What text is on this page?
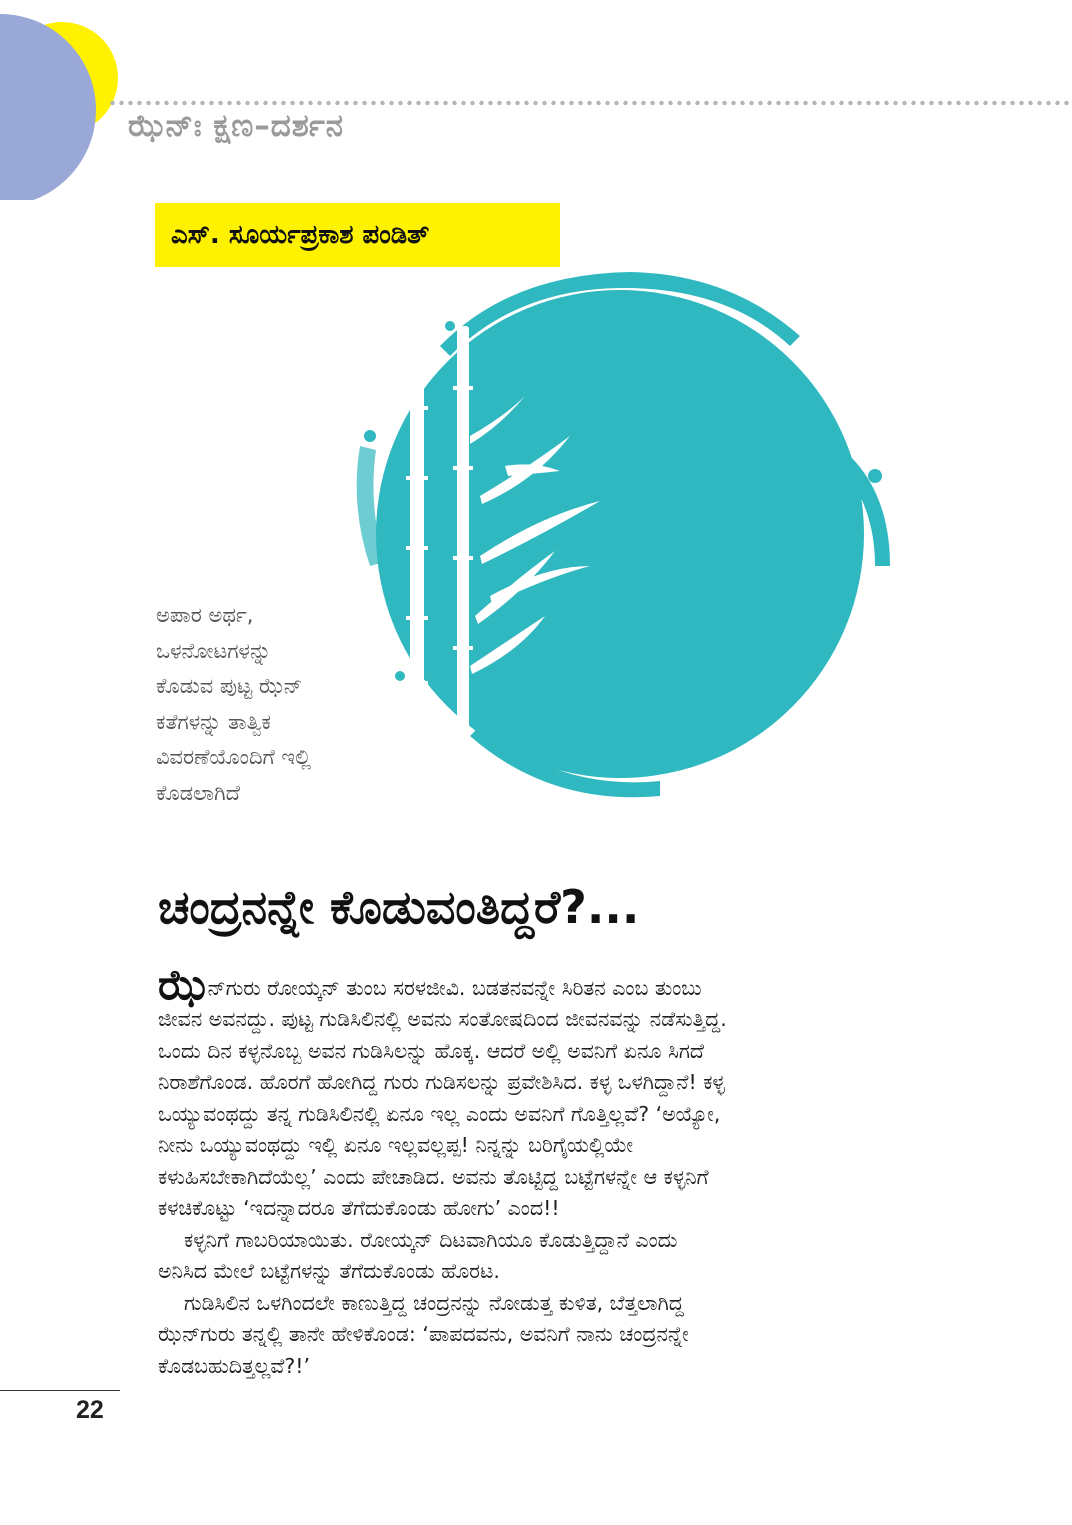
ಝೆನ್‌ಃ ಕ್ಷಣ–ದರ್ಶನ
ಎಸ್. ಸೂರ್ಯಪ್ರಕಾಶ ಪಂಡಿತ್
ಅಪಾರ ಅರ್ಥ,
ಒಳನೋಟಗಳನ್ನು
ಕೊಡುವ ಪುಟ್ಟ ಝೆನ್
ಕತೆಗಳನ್ನು ತಾತ್ವಿಕ
ವಿವರಣೆಯೊಂದಿಗೆ ಇಲ್ಲಿ
ಕೊಡಲಾಗಿದೆ
ಚಂದ್ರನನ್ನೇ ಕೊಡುವಂತಿದ್ದರೆ?...
ಝೆ ನ್‌ಗುರು ರೋಯ್ಕನ್ ತುಂಬ ಸರಳಜೀವಿ. ಬಡತನವನ್ನೇ ಸಿರಿತನ ಎಂಬ ತುಂಬು
ಜೀವನ ಅವನದ್ದು. ಪುಟ್ಟ ಗುಡಿಸಿಲಿನಲ್ಲಿ ಅವನು ಸಂತೋಷದಿಂದ ಜೀವನವನ್ನು ನಡೆಸುತ್ತಿದ್ದ.
ಒಂದು ದಿನ ಕಳ್ಳನೊಬ್ಬ ಅವನ ಗುಡಿಸಿಲನ್ನು ಹೊಕ್ಕ. ಆದರೆ ಅಲ್ಲಿ ಅವನಿಗೆ ಏನೂ ಸಿಗದೆ
ನಿರಾಶೆಗೊಂಡ. ಹೊರಗೆ ಹೋಗಿದ್ದ ಗುರು ಗುಡಿಸಲನ್ನು ಪ್ರವೇಶಿಸಿದ. ಕಳ್ಳ ಒಳಗಿದ್ದಾನೆ! ಕಳ್ಳ
ಒಯ್ಯುವಂಥದ್ದು ತನ್ನ ಗುಡಿಸಿಲಿನಲ್ಲಿ ಏನೂ ಇಲ್ಲ ಎಂದು ಅವನಿಗೆ ಗೊತ್ತಿಲ್ಲವೆ? ‘ಅಯ್ಯೋ,
ನೀನು ಒಯ್ಯುವಂಥದ್ದು ಇಲ್ಲಿ ಏನೂ ಇಲ್ಲವಲ್ಲಪ್ಪ! ನಿನ್ನನ್ನು ಬರಿಗೈಯಲ್ಲಿಯೇ
ಕಳುಹಿಸಬೇಕಾಗಿದೆಯೆಲ್ಲ’ ಎಂದು ಪೇಚಾಡಿದ. ಅವನು ತೊಟ್ಟಿದ್ದ ಬಟ್ಟೆಗಳನ್ನೇ ಆ ಕಳ್ಳನಿಗೆ
ಕಳಚಿಕೊಟ್ಟು ‘ಇದನ್ನಾದರೂ ತೆಗೆದುಕೊಂಡು ಹೋಗು’ ಎಂದ!!
ಕಳ್ಳನಿಗೆ ಗಾಬರಿಯಾಯಿತು. ರೋಯ್ಕನ್ ದಿಟವಾಗಿಯೂ ಕೊಡುತ್ತಿದ್ದಾನೆ ಎಂದು
ಅನಿಸಿದ ಮೇಲೆ ಬಟ್ಟೆಗಳನ್ನು ತೆಗೆದುಕೊಂಡು ಹೊರಟ.
ಗುಡಿಸಿಲಿನ ಒಳಗಿಂದಲೇ ಕಾಣುತ್ತಿದ್ದ ಚಂದ್ರನನ್ನು ನೋಡುತ್ತ ಕುಳಿತ, ಬೆತ್ತಲಾಗಿದ್ದ
ಝೆನ್‌ಗುರು ತನ್ನಲ್ಲಿ ತಾನೇ ಹೇಳಿಕೊಂಡ: ‘ಪಾಪದವನು, ಅವನಿಗೆ ನಾನು ಚಂದ್ರನನ್ನೇ
ಕೊಡಬಹುದಿತ್ತಲ್ಲವೆ?!’
22
